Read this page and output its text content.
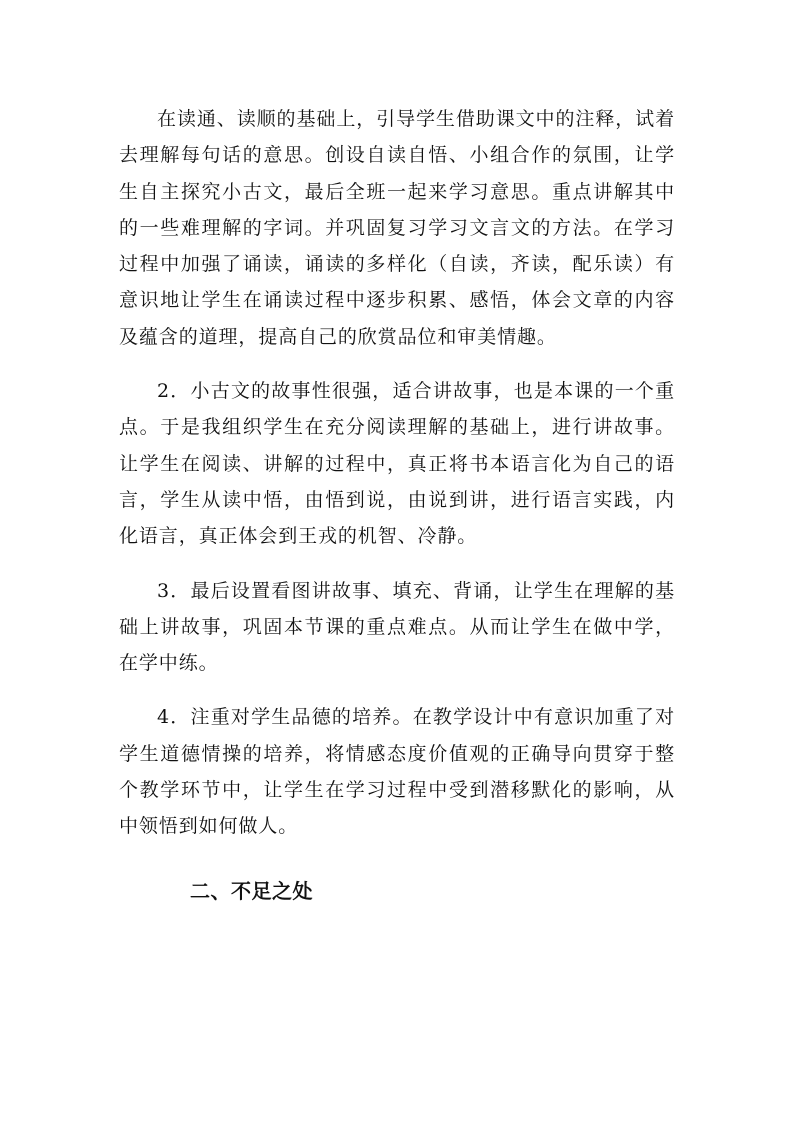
在读通、读顺的基础上，引导学生借助课文中的注释，试着去理解每句话的意思。创设自读自悟、小组合作的氛围，让学生自主探究小古文，最后全班一起来学习意思。重点讲解其中的一些难理解的字词。并巩固复习学习文言文的方法。在学习过程中加强了诵读，诵读的多样化（自读，齐读，配乐读）有意识地让学生在诵读过程中逐步积累、感悟，体会文章的内容及蕴含的道理，提高自己的欣赏品位和审美情趣。

2．小古文的故事性很强，适合讲故事，也是本课的一个重点。于是我组织学生在充分阅读理解的基础上，进行讲故事。让学生在阅读、讲解的过程中，真正将书本语言化为自己的语言，学生从读中悟，由悟到说，由说到讲，进行语言实践，内化语言，真正体会到王戎的机智、冷静。

3．最后设置看图讲故事、填充、背诵，让学生在理解的基础上讲故事，巩固本节课的重点难点。从而让学生在做中学，在学中练。

4．注重对学生品德的培养。在教学设计中有意识加重了对学生道德情操的培养，将情感态度价值观的正确导向贯穿于整个教学环节中，让学生在学习过程中受到潜移默化的影响，从中领悟到如何做人。

二、不足之处
